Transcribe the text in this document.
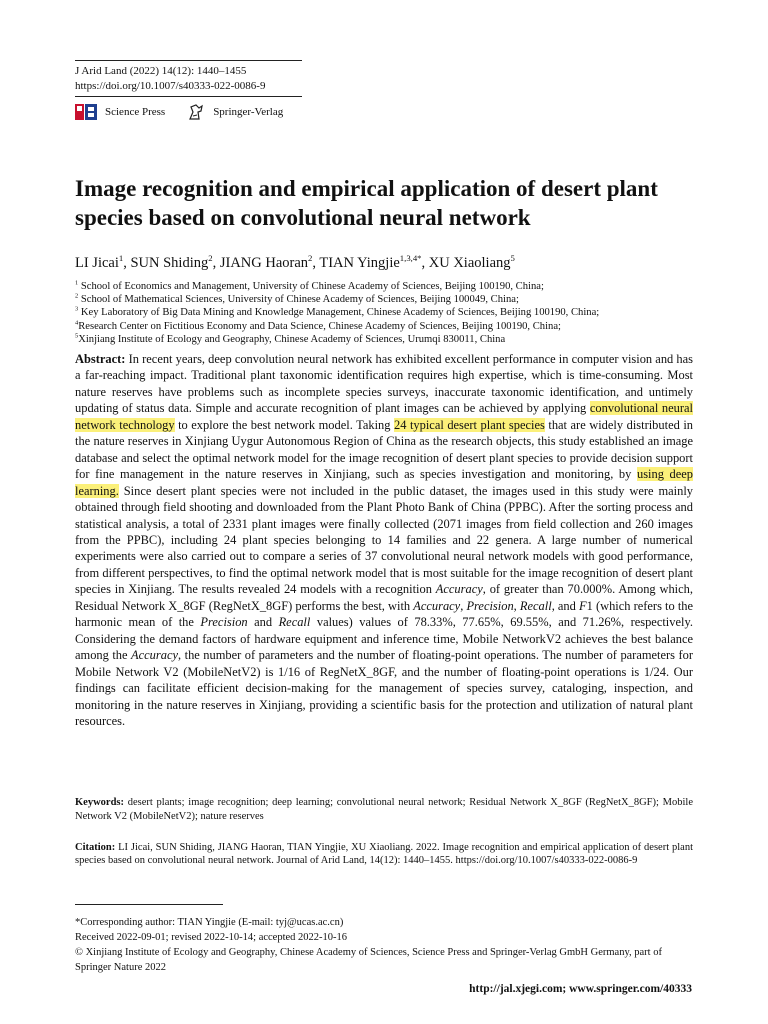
J Arid Land (2022) 14(12): 1440–1455
https://doi.org/10.1007/s40333-022-0086-9
Science Press	Springer-Verlag
Image recognition and empirical application of desert plant species based on convolutional neural network
LI Jicai$^1$, SUN Shiding$^2$, JIANG Haoran$^2$, TIAN Yingjie$^{1,3,4*}$, XU Xiaoliang$^5$
$^1$ School of Economics and Management, University of Chinese Academy of Sciences, Beijing 100190, China;
$^2$ School of Mathematical Sciences, University of Chinese Academy of Sciences, Beijing 100049, China;
$^3$ Key Laboratory of Big Data Mining and Knowledge Management, Chinese Academy of Sciences, Beijing 100190, China;
$^4$Research Center on Fictitious Economy and Data Science, Chinese Academy of Sciences, Beijing 100190, China;
$^5$Xinjiang Institute of Ecology and Geography, Chinese Academy of Sciences, Urumqi 830011, China
Abstract: In recent years, deep convolution neural network has exhibited excellent performance in computer vision and has a far-reaching impact. Traditional plant taxonomic identification requires high expertise, which is time-consuming. Most nature reserves have problems such as incomplete species surveys, inaccurate taxonomic identification, and untimely updating of status data. Simple and accurate recognition of plant images can be achieved by applying convolutional neural network technology to explore the best network model. Taking 24 typical desert plant species that are widely distributed in the nature reserves in Xinjiang Uygur Autonomous Region of China as the research objects, this study established an image database and select the optimal network model for the image recognition of desert plant species to provide decision support for fine management in the nature reserves in Xinjiang, such as species investigation and monitoring, by using deep learning. Since desert plant species were not included in the public dataset, the images used in this study were mainly obtained through field shooting and downloaded from the Plant Photo Bank of China (PPBC). After the sorting process and statistical analysis, a total of 2331 plant images were finally collected (2071 images from field collection and 260 images from the PPBC), including 24 plant species belonging to 14 families and 22 genera. A large number of numerical experiments were also carried out to compare a series of 37 convolutional neural network models with good performance, from different perspectives, to find the optimal network model that is most suitable for the image recognition of desert plant species in Xinjiang. The results revealed 24 models with a recognition Accuracy, of greater than 70.000%. Among which, Residual Network X_8GF (RegNetX_8GF) performs the best, with Accuracy, Precision, Recall, and F1 (which refers to the harmonic mean of the Precision and Recall values) values of 78.33%, 77.65%, 69.55%, and 71.26%, respectively. Considering the demand factors of hardware equipment and inference time, Mobile NetworkV2 achieves the best balance among the Accuracy, the number of parameters and the number of floating-point operations. The number of parameters for Mobile Network V2 (MobileNetV2) is 1/16 of RegNetX_8GF, and the number of floating-point operations is 1/24. Our findings can facilitate efficient decision-making for the management of species survey, cataloging, inspection, and monitoring in the nature reserves in Xinjiang, providing a scientific basis for the protection and utilization of natural plant resources.
Keywords: desert plants; image recognition; deep learning; convolutional neural network; Residual Network X_8GF (RegNetX_8GF); Mobile Network V2 (MobileNetV2); nature reserves
Citation: LI Jicai, SUN Shiding, JIANG Haoran, TIAN Yingjie, XU Xiaoliang. 2022. Image recognition and empirical application of desert plant species based on convolutional neural network. Journal of Arid Land, 14(12): 1440–1455. https://doi.org/10.1007/s40333-022-0086-9
*Corresponding author: TIAN Yingjie (E-mail: tyj@ucas.ac.cn)
Received 2022-09-01; revised 2022-10-14; accepted 2022-10-16
© Xinjiang Institute of Ecology and Geography, Chinese Academy of Sciences, Science Press and Springer-Verlag GmbH Germany, part of Springer Nature 2022
http://jal.xjegi.com; www.springer.com/40333
